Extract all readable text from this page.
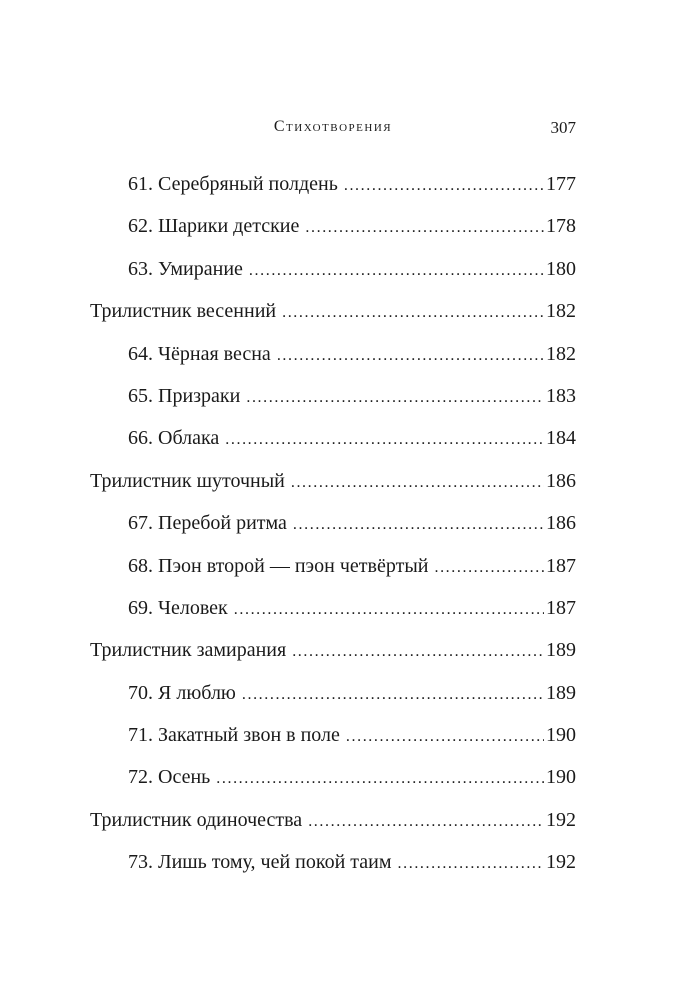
Стихотворения	307
61. Серебряный полдень . . .	177
62. Шарики детские . . .	178
63. Умирание . . .	180
Трилистник весенний . . .	182
64. Чёрная весна . . .	182
65. Призраки . . .	183
66. Облака . . .	184
Трилистник шуточный . . .	186
67. Перебой ритма . . .	186
68. Пэон второй — пэон четвёртый . . .	187
69. Человек . . .	187
Трилистник замирания . . .	189
70. Я люблю . . .	189
71. Закатный звон в поле . . .	190
72. Осень . . .	190
Трилистник одиночества . . .	192
73. Лишь тому, чей покой таим . . .	192
